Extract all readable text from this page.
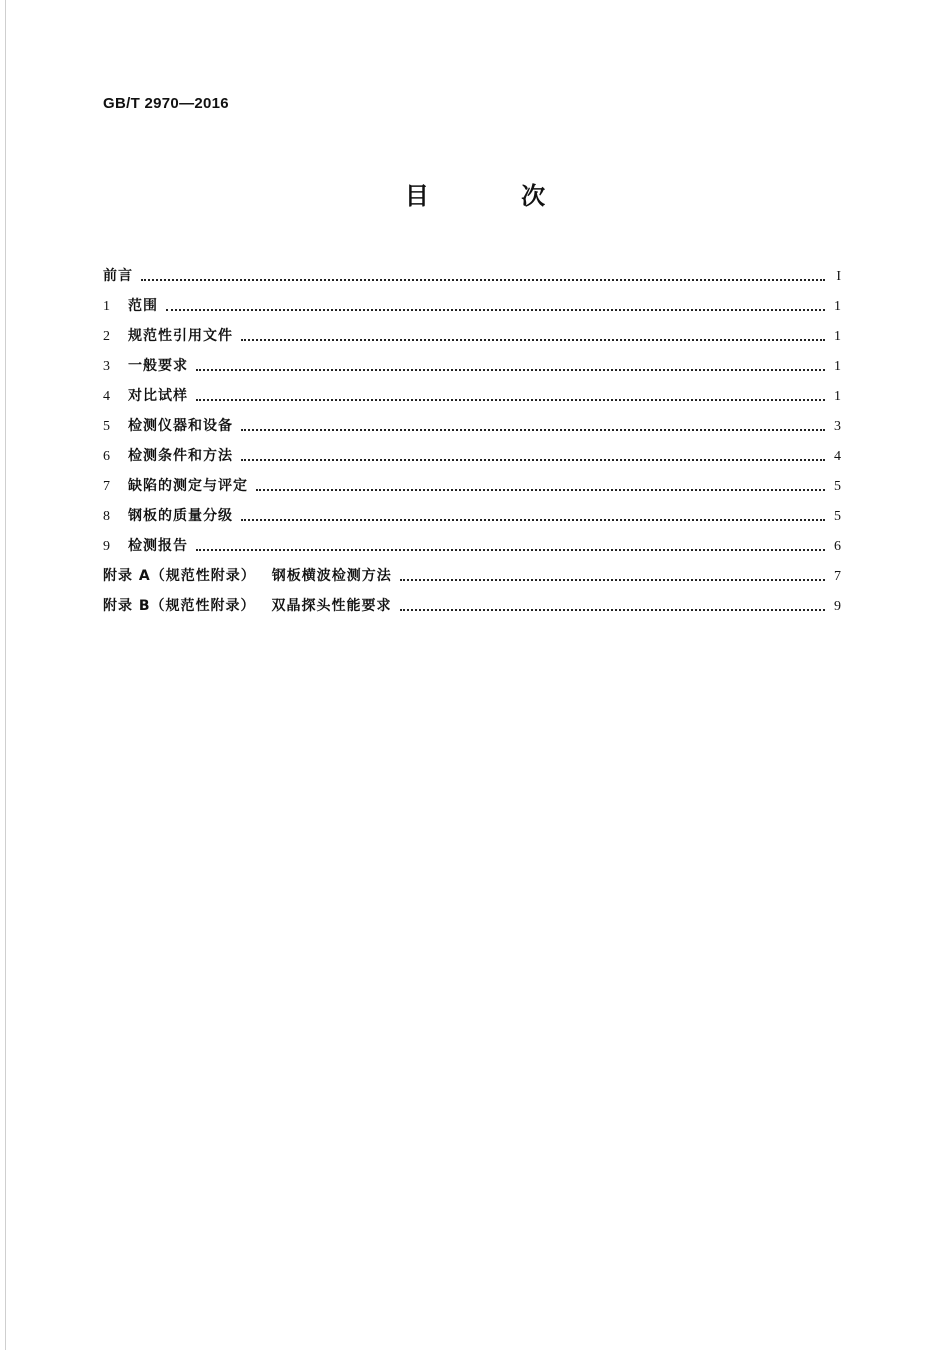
GB/T 2970—2016
目 次
前言	I
1	范围	1
2	规范性引用文件	1
3	一般要求	1
4	对比试样	1
5	检测仪器和设备	3
6	检测条件和方法	4
7	缺陷的测定与评定	5
8	钢板的质量分级	5
9	检测报告	6
附录 A（规范性附录） 钢板横波检测方法	7
附录 B（规范性附录） 双晶探头性能要求	9
